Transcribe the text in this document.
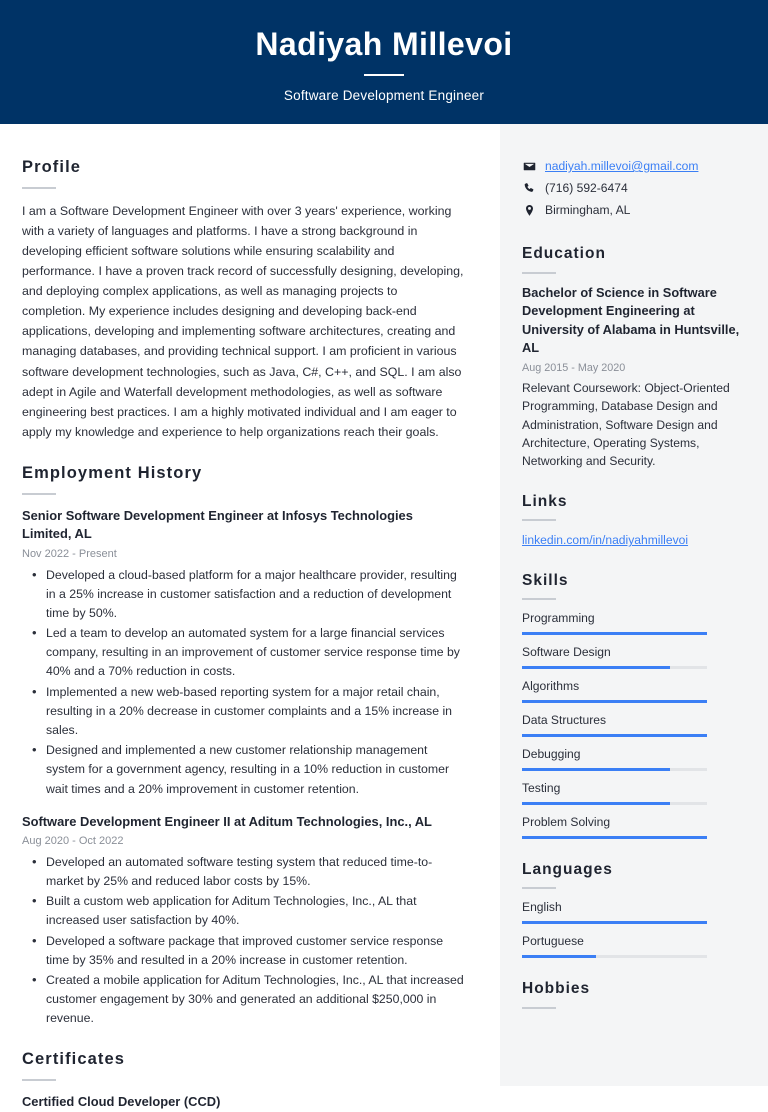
Nadiyah Millevoi
Software Development Engineer
Profile
I am a Software Development Engineer with over 3 years' experience, working with a variety of languages and platforms. I have a strong background in developing efficient software solutions while ensuring scalability and performance. I have a proven track record of successfully designing, developing, and deploying complex applications, as well as managing projects to completion. My experience includes designing and developing back-end applications, developing and implementing software architectures, creating and managing databases, and providing technical support. I am proficient in various software development technologies, such as Java, C#, C++, and SQL. I am also adept in Agile and Waterfall development methodologies, as well as software engineering best practices. I am a highly motivated individual and I am eager to apply my knowledge and experience to help organizations reach their goals.
Employment History
Senior Software Development Engineer at Infosys Technologies Limited, AL
Nov 2022 - Present
• Developed a cloud-based platform for a major healthcare provider, resulting in a 25% increase in customer satisfaction and a reduction of development time by 50%.
• Led a team to develop an automated system for a large financial services company, resulting in an improvement of customer service response time by 40% and a 70% reduction in costs.
• Implemented a new web-based reporting system for a major retail chain, resulting in a 20% decrease in customer complaints and a 15% increase in sales.
• Designed and implemented a new customer relationship management system for a government agency, resulting in a 10% reduction in customer wait times and a 20% improvement in customer retention.
Software Development Engineer II at Aditum Technologies, Inc., AL
Aug 2020 - Oct 2022
• Developed an automated software testing system that reduced time-to-market by 25% and reduced labor costs by 15%.
• Built a custom web application for Aditum Technologies, Inc., AL that increased user satisfaction by 40%.
• Developed a software package that improved customer service response time by 35% and resulted in a 20% increase in customer retention.
• Created a mobile application for Aditum Technologies, Inc., AL that increased customer engagement by 30% and generated an additional $250,000 in revenue.
Certificates
Certified Cloud Developer (CCD)
nadiyah.millevoi@gmail.com
(716) 592-6474
Birmingham, AL
Education
Bachelor of Science in Software Development Engineering at University of Alabama in Huntsville, AL
Aug 2015 - May 2020
Relevant Coursework: Object-Oriented Programming, Database Design and Administration, Software Design and Architecture, Operating Systems, Networking and Security.
Links
linkedin.com/in/nadiyahmillevoi
Skills
Programming
Software Design
Algorithms
Data Structures
Debugging
Testing
Problem Solving
Languages
English
Portuguese
Hobbies
